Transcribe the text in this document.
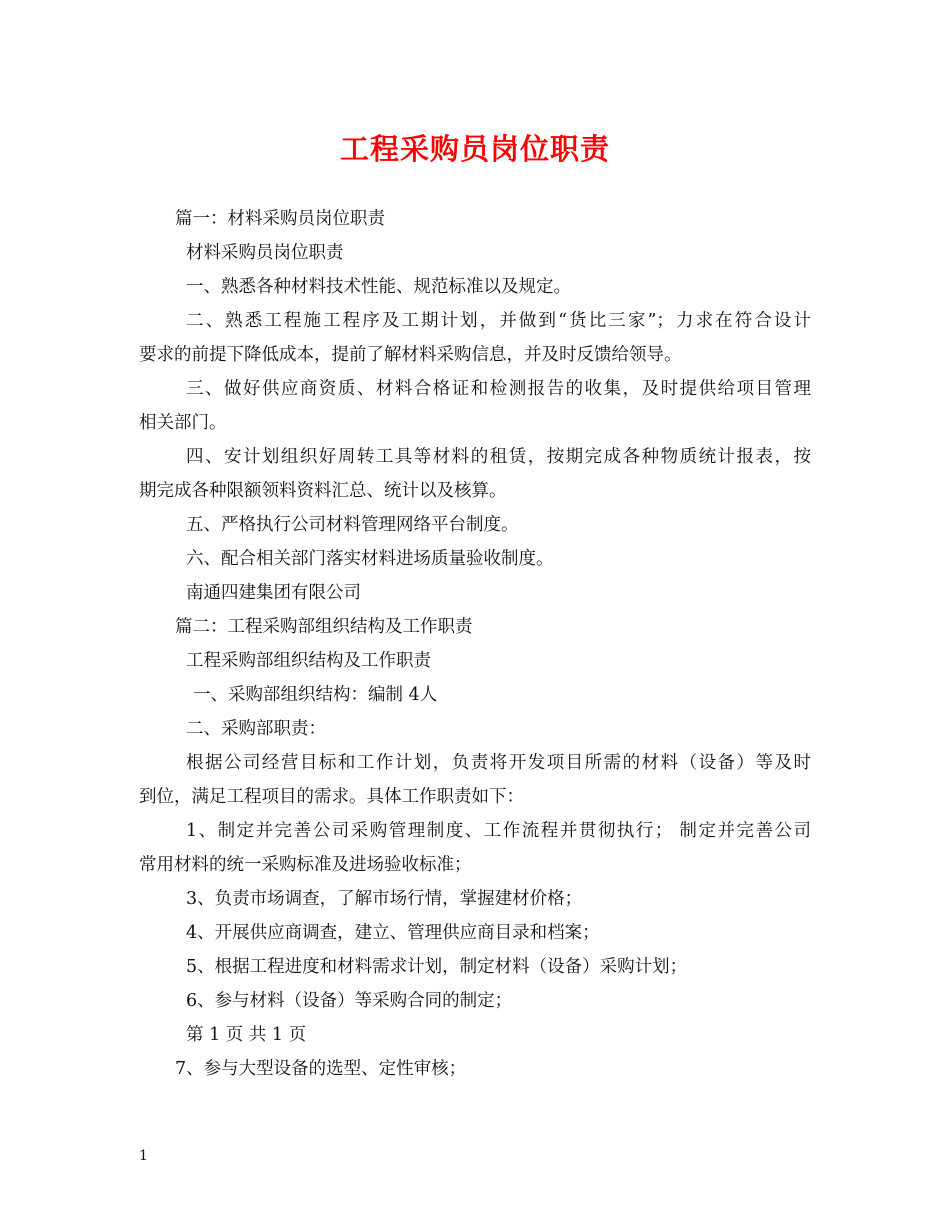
工程采购员岗位职责
篇一：材料采购员岗位职责
材料采购员岗位职责
一、熟悉各种材料技术性能、规范标准以及规定。
二、熟悉工程施工程序及工期计划，并做到“货比三家”；力求在符合设计
要求的前提下降低成本，提前了解材料采购信息，并及时反馈给领导。
三、做好供应商资质、材料合格证和检测报告的收集，及时提供给项目管理
相关部门。
四、安计划组织好周转工具等材料的租赁，按期完成各种物质统计报表，按
期完成各种限额领料资料汇总、统计以及核算。
五、严格执行公司材料管理网络平台制度。
六、配合相关部门落实材料进场质量验收制度。
南通四建集团有限公司
篇二：工程采购部组织结构及工作职责
工程采购部组织结构及工作职责
一、采购部组织结构：编制 4人
二、采购部职责：
根据公司经营目标和工作计划，负责将开发项目所需的材料（设备）等及时
到位，满足工程项目的需求。具体工作职责如下：
1、制定并完善公司采购管理制度、工作流程并贯彻执行； 制定并完善公司
常用材料的统一采购标准及进场验收标准；
3、负责市场调查，了解市场行情，掌握建材价格；
4、开展供应商调查，建立、管理供应商目录和档案；
5、根据工程进度和材料需求计划，制定材料（设备）采购计划；
6、参与材料（设备）等采购合同的制定；
第 1 页 共 1 页
7、参与大型设备的选型、定性审核；
1
